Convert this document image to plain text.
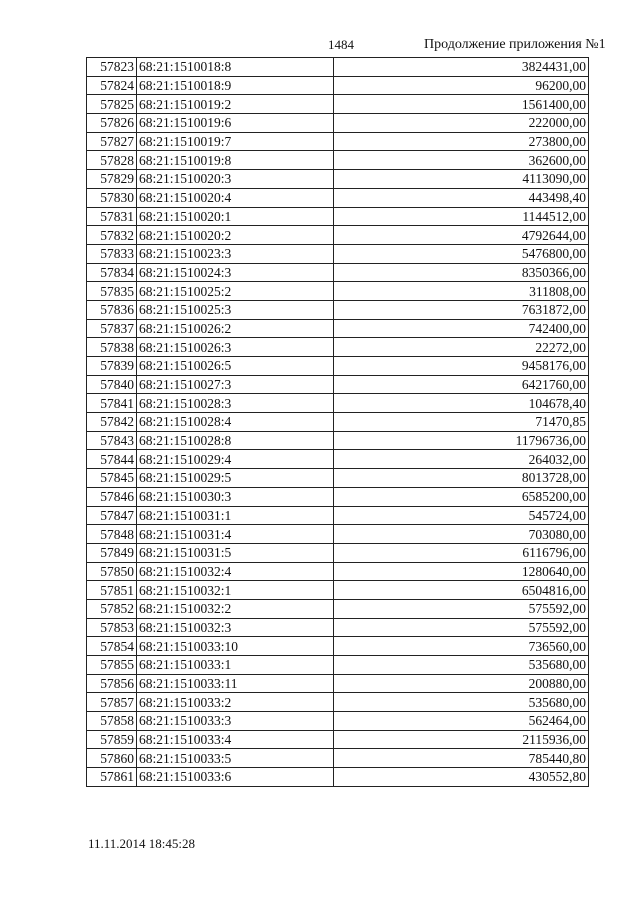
1484	Продолжение приложения №1
57823	68:21:1510018:8	3824431,00
57824	68:21:1510018:9	96200,00
57825	68:21:1510019:2	1561400,00
57826	68:21:1510019:6	222000,00
57827	68:21:1510019:7	273800,00
57828	68:21:1510019:8	362600,00
57829	68:21:1510020:3	4113090,00
57830	68:21:1510020:4	443498,40
57831	68:21:1510020:1	1144512,00
57832	68:21:1510020:2	4792644,00
57833	68:21:1510023:3	5476800,00
57834	68:21:1510024:3	8350366,00
57835	68:21:1510025:2	311808,00
57836	68:21:1510025:3	7631872,00
57837	68:21:1510026:2	742400,00
57838	68:21:1510026:3	22272,00
57839	68:21:1510026:5	9458176,00
57840	68:21:1510027:3	6421760,00
57841	68:21:1510028:3	104678,40
57842	68:21:1510028:4	71470,85
57843	68:21:1510028:8	11796736,00
57844	68:21:1510029:4	264032,00
57845	68:21:1510029:5	8013728,00
57846	68:21:1510030:3	6585200,00
57847	68:21:1510031:1	545724,00
57848	68:21:1510031:4	703080,00
57849	68:21:1510031:5	6116796,00
57850	68:21:1510032:4	1280640,00
57851	68:21:1510032:1	6504816,00
57852	68:21:1510032:2	575592,00
57853	68:21:1510032:3	575592,00
57854	68:21:1510033:10	736560,00
57855	68:21:1510033:1	535680,00
57856	68:21:1510033:11	200880,00
57857	68:21:1510033:2	535680,00
57858	68:21:1510033:3	562464,00
57859	68:21:1510033:4	2115936,00
57860	68:21:1510033:5	785440,80
57861	68:21:1510033:6	430552,80
11.11.2014 18:45:28
